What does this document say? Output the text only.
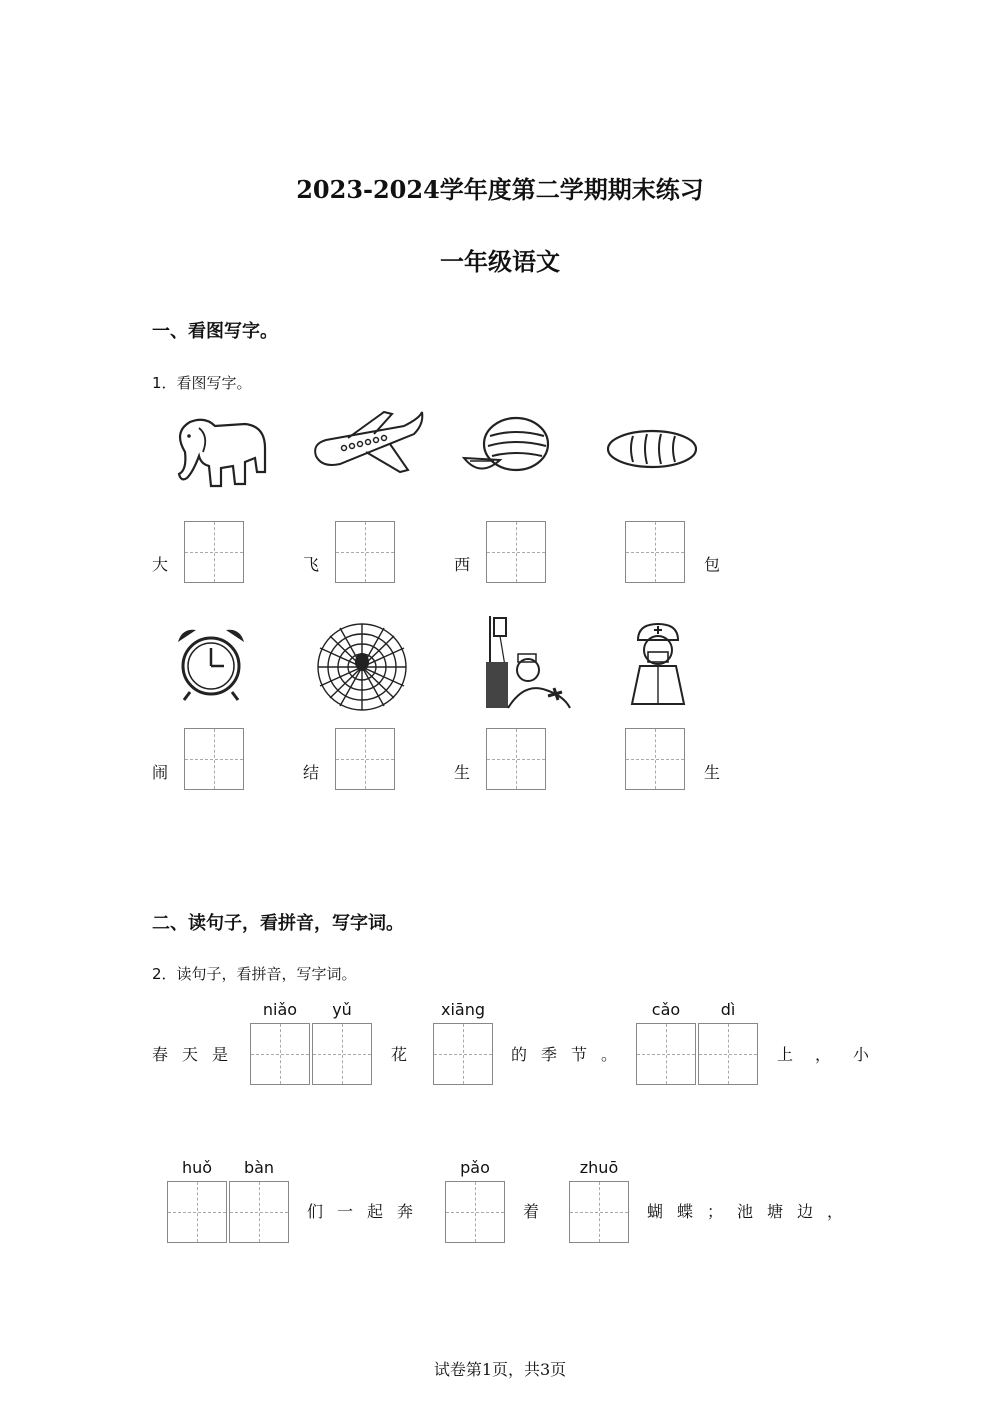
2023-2024学年度第二学期期末练习
一年级语文
一、看图写字。
1．看图写字。
大	飞	西	包
闹	结	生	生
二、读句子，看拼音，写字词。
2．读句子，看拼音，写字词。
春天是
niǎo	yǔ
花
xiāng
的季节。
cǎo	dì
上，小
huǒ	bàn
们一起奔
pǎo
着
zhuō
蝴蝶；池塘边，
试卷第1页，共3页
